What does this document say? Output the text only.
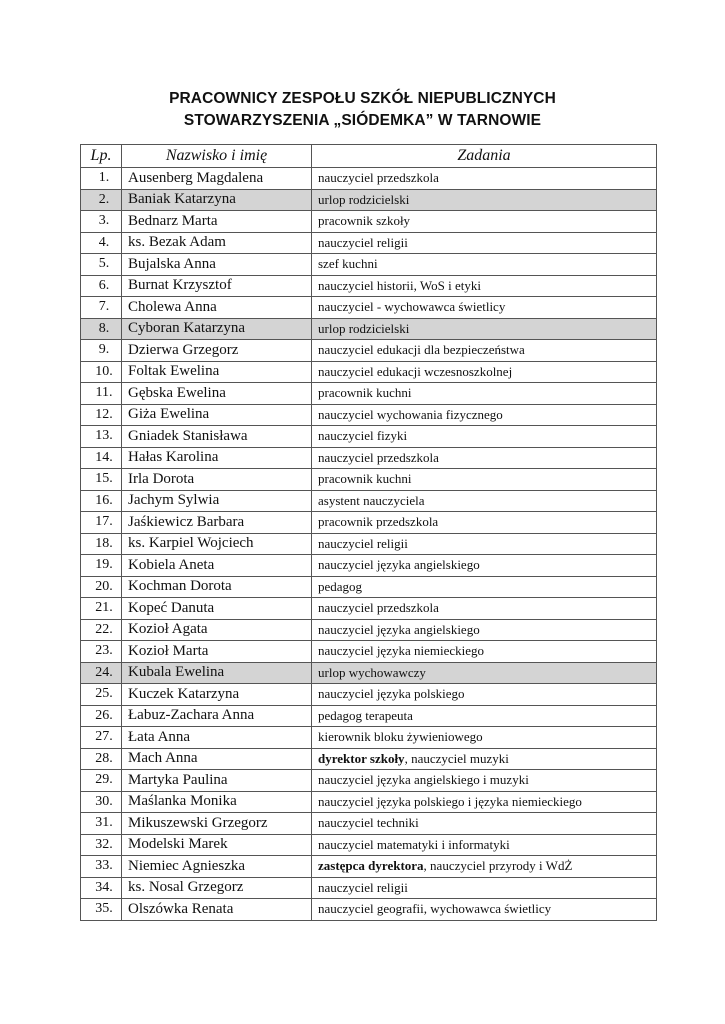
PRACOWNICY ZESPOŁU SZKÓŁ NIEPUBLICZNYCH
STOWARZYSZENIA „SIÓDEMKA” W TARNOWIE
Lp.	Nazwisko i imię	Zadania
1.	Ausenberg Magdalena	nauczyciel przedszkola
2.	Baniak Katarzyna	urlop rodzicielski
3.	Bednarz Marta	pracownik szkoły
4.	ks. Bezak Adam	nauczyciel religii
5.	Bujalska Anna	szef kuchni
6.	Burnat Krzysztof	nauczyciel historii, WoS i etyki
7.	Cholewa Anna	nauczyciel - wychowawca świetlicy
8.	Cyboran Katarzyna	urlop rodzicielski
9.	Dzierwa Grzegorz	nauczyciel edukacji dla bezpieczeństwa
10.	Foltak Ewelina	nauczyciel edukacji wczesnoszkolnej
11.	Gębska Ewelina	pracownik kuchni
12.	Giża Ewelina	nauczyciel wychowania fizycznego
13.	Gniadek Stanisława	nauczyciel fizyki
14.	Hałas Karolina	nauczyciel przedszkola
15.	Irla Dorota	pracownik kuchni
16.	Jachym Sylwia	asystent nauczyciela
17.	Jaśkiewicz Barbara	pracownik przedszkola
18.	ks. Karpiel Wojciech	nauczyciel religii
19.	Kobiela Aneta	nauczyciel języka angielskiego
20.	Kochman Dorota	pedagog
21.	Kopeć Danuta	nauczyciel przedszkola
22.	Kozioł Agata	nauczyciel języka angielskiego
23.	Kozioł Marta	nauczyciel języka niemieckiego
24.	Kubala Ewelina	urlop wychowawczy
25.	Kuczek Katarzyna	nauczyciel języka polskiego
26.	Łabuz-Zachara Anna	pedagog terapeuta
27.	Łata Anna	kierownik bloku żywieniowego
28.	Mach Anna	dyrektor szkoły, nauczyciel muzyki
29.	Martyka Paulina	nauczyciel języka angielskiego i muzyki
30.	Maślanka Monika	nauczyciel języka polskiego i języka niemieckiego
31.	Mikuszewski Grzegorz	nauczyciel techniki
32.	Modelski Marek	nauczyciel matematyki i informatyki
33.	Niemiec Agnieszka	zastępca dyrektora, nauczyciel przyrody i WdŻ
34.	ks. Nosal Grzegorz	nauczyciel religii
35.	Olszówka Renata	nauczyciel geografii, wychowawca świetlicy
